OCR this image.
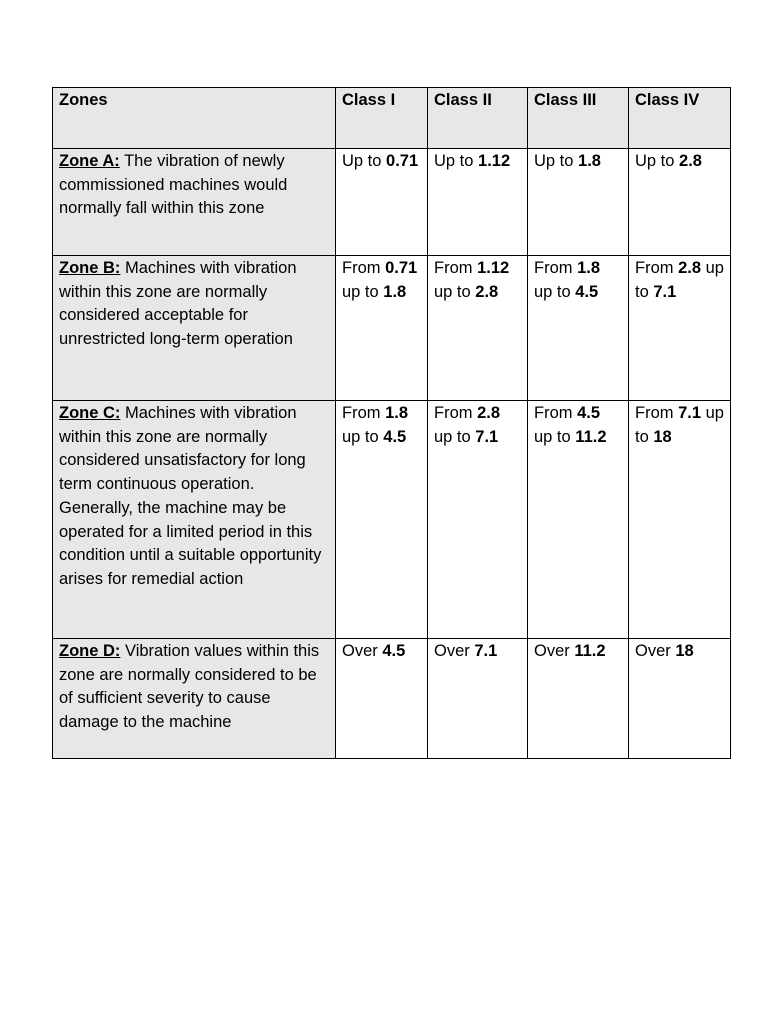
Zones	Class I	Class II	Class III	Class IV
Zone A: The vibration of newly commissioned machines would normally fall within this zone	Up to 0.71	Up to 1.12	Up to 1.8	Up to 2.8
Zone B: Machines with vibration within this zone are normally considered acceptable for unrestricted long-term operation	From 0.71 up to 1.8	From 1.12 up to 2.8	From 1.8 up to 4.5	From 2.8 up to 7.1
Zone C: Machines with vibration within this zone are normally considered unsatisfactory for long term continuous operation. Generally, the machine may be operated for a limited period in this condition until a suitable opportunity arises for remedial action	From 1.8 up to 4.5	From 2.8 up to 7.1	From 4.5 up to 11.2	From 7.1 up to 18
Zone D: Vibration values within this zone are normally considered to be of sufficient severity to cause damage to the machine	Over 4.5	Over 7.1	Over 11.2	Over 18
